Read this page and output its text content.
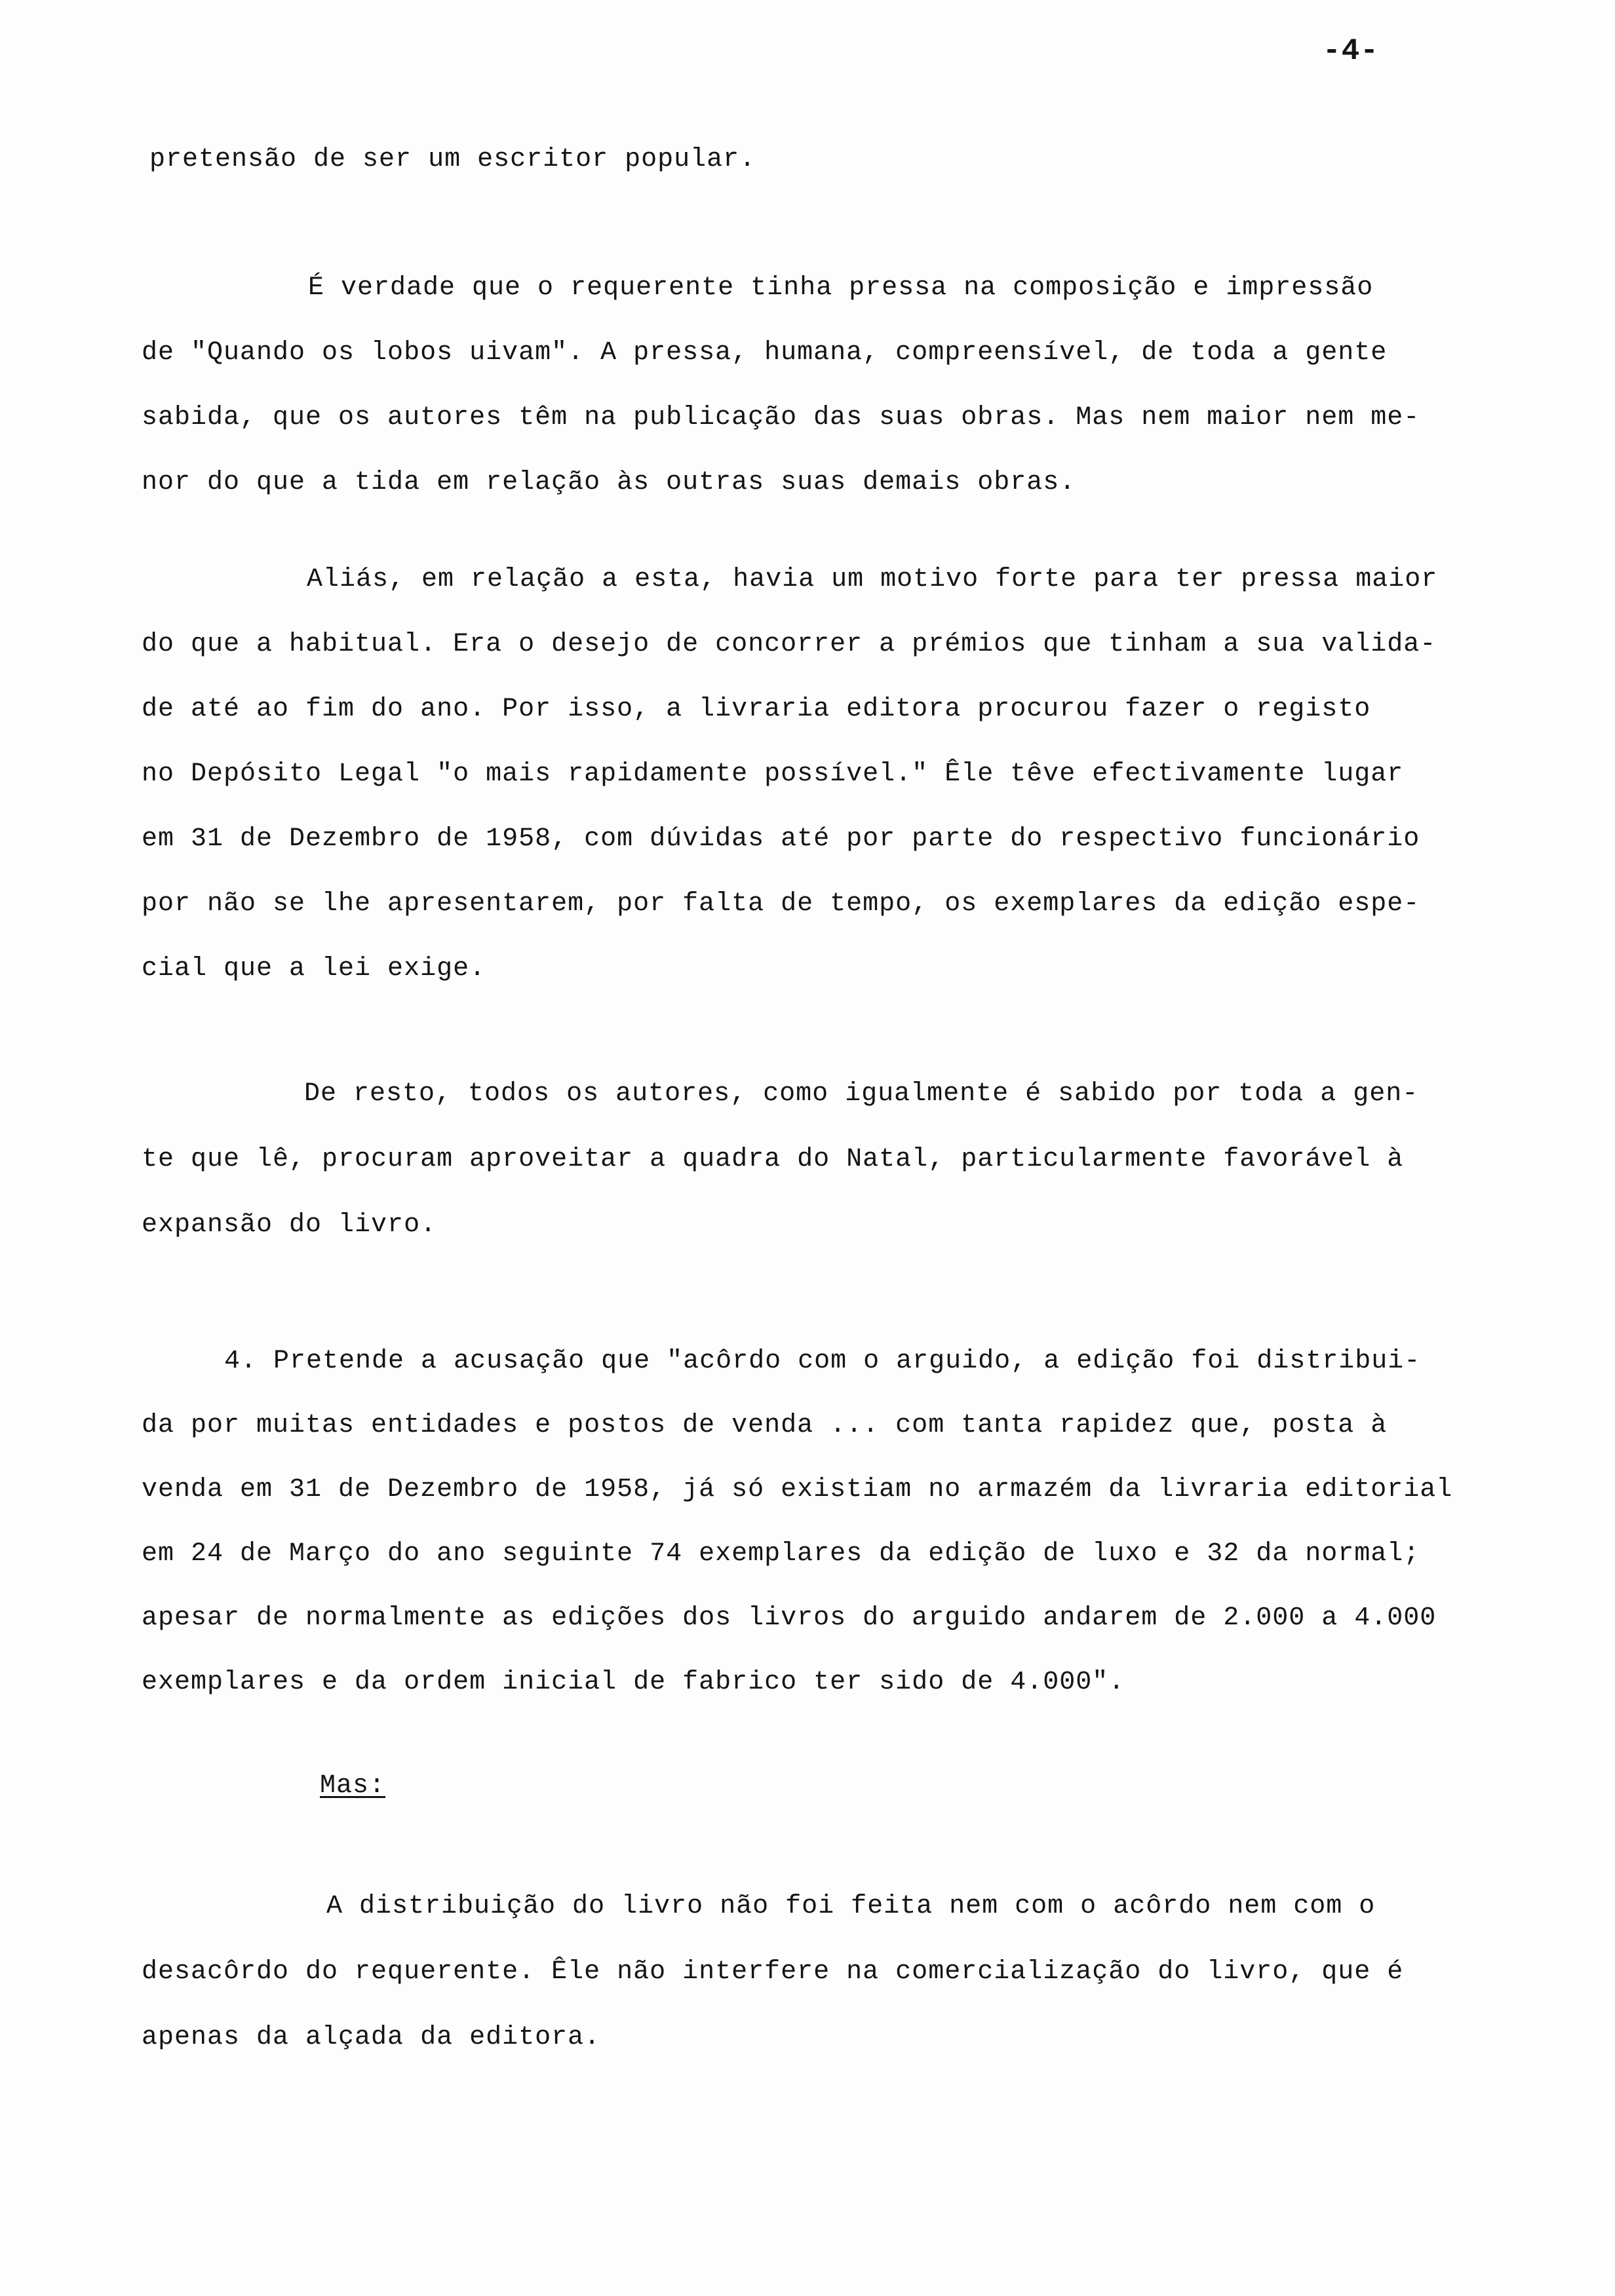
-4-
pretensão de ser um escritor popular.
É verdade que o requerente tinha pressa na composição e impressão
de "Quando os lobos uivam". A pressa, humana, compreensível, de toda a gente
sabida, que os autores têm na publicação das suas obras. Mas nem maior nem me-
nor do que a tida em relação às outras suas demais obras.
Aliás, em relação a esta, havia um motivo forte para ter pressa maior
do que a habitual. Era o desejo de concorrer a prémios que tinham a sua valida-
de até ao fim do ano. Por isso, a livraria editora procurou fazer o registo
no Depósito Legal "o mais rapidamente possível." Êle têve efectivamente lugar
em 31 de Dezembro de 1958, com dúvidas até por parte do respectivo funcionário
por não se lhe apresentarem, por falta de tempo, os exemplares da edição espe-
cial que a lei exige.
De resto, todos os autores, como igualmente é sabido por toda a gen-
te que lê, procuram aproveitar a quadra do Natal, particularmente favorável à
expansão do livro.
4. Pretende a acusação que "acôrdo com o arguido, a edição foi distribui-
da por muitas entidades e postos de venda ... com tanta rapidez que, posta à
venda em 31 de Dezembro de 1958, já só existiam no armazém da livraria editorial
em 24 de Março do ano seguinte 74 exemplares da edição de luxo e 32 da normal;
apesar de normalmente as edições dos livros do arguido andarem de 2.000 a 4.000
exemplares e da ordem inicial de fabrico ter sido de 4.000".
Mas:
A distribuição do livro não foi feita nem com o acôrdo nem com o
desacôrdo do requerente. Êle não interfere na comercialização do livro, que é
apenas da alçada da editora.
